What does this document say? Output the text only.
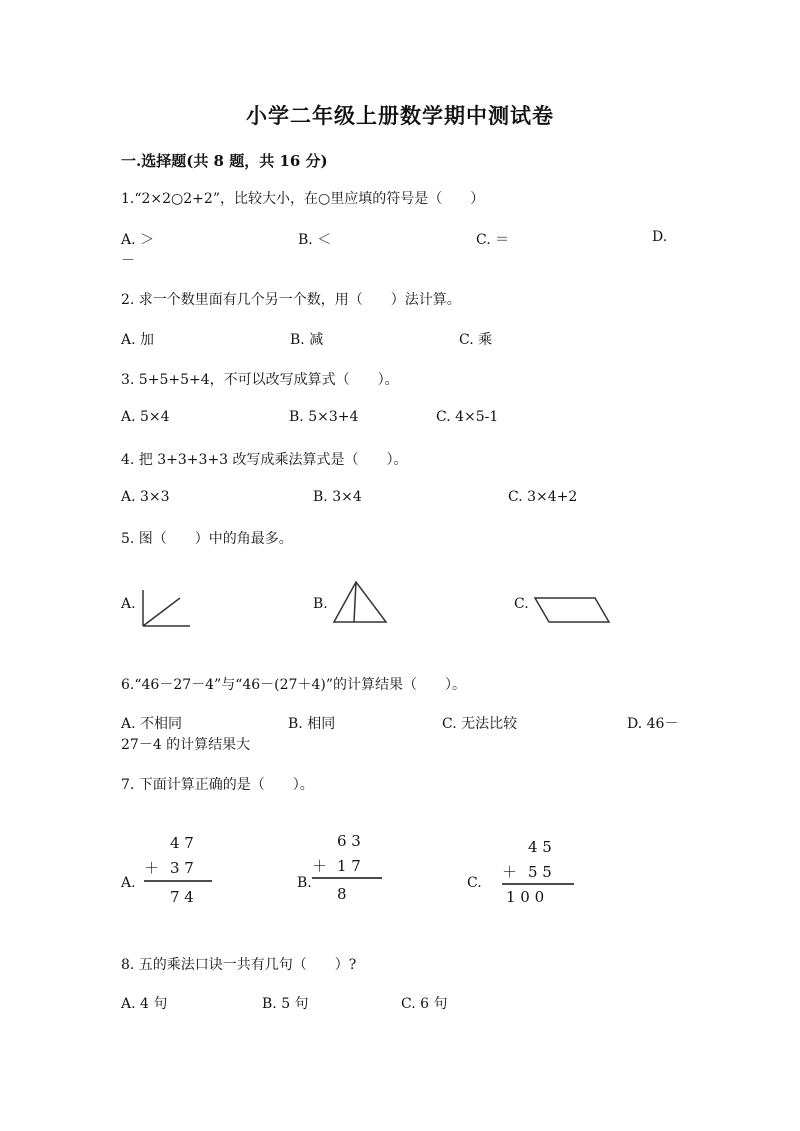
小学二年级上册数学期中测试卷
一.选择题(共 8 题，共 16 分)
1.“2×2○2+2”，比较大小，在○里应填的符号是（　　）
A. ＞	B. ＜	C. ＝	D.
－
2. 求一个数里面有几个另一个数，用（　　）法计算。
A. 加	B. 减	C. 乘
3. 5+5+5+4，不可以改写成算式（　　）。
A. 5×4	B. 5×3+4	C. 4×5-1
4. 把 3+3+3+3 改写成乘法算式是（　　）。
A. 3×3	B. 3×4	C. 3×4+2
5. 图（　　）中的角最多。
A.	B.	C.
6.“46－27－4”与“46－(27＋4)”的计算结果（　　）。
A. 不相同	B. 相同	C. 无法比较	D. 46－
27－4 的计算结果大
7. 下面计算正确的是（　　）。
A.
4 7
＋ 3 7
7 4
B.
6 3
＋ 1 7
8
C.
4 5
＋ 5 5
1 0 0
8. 五的乘法口诀一共有几句（　　）?
A. 4 句	B. 5 句	C. 6 句
